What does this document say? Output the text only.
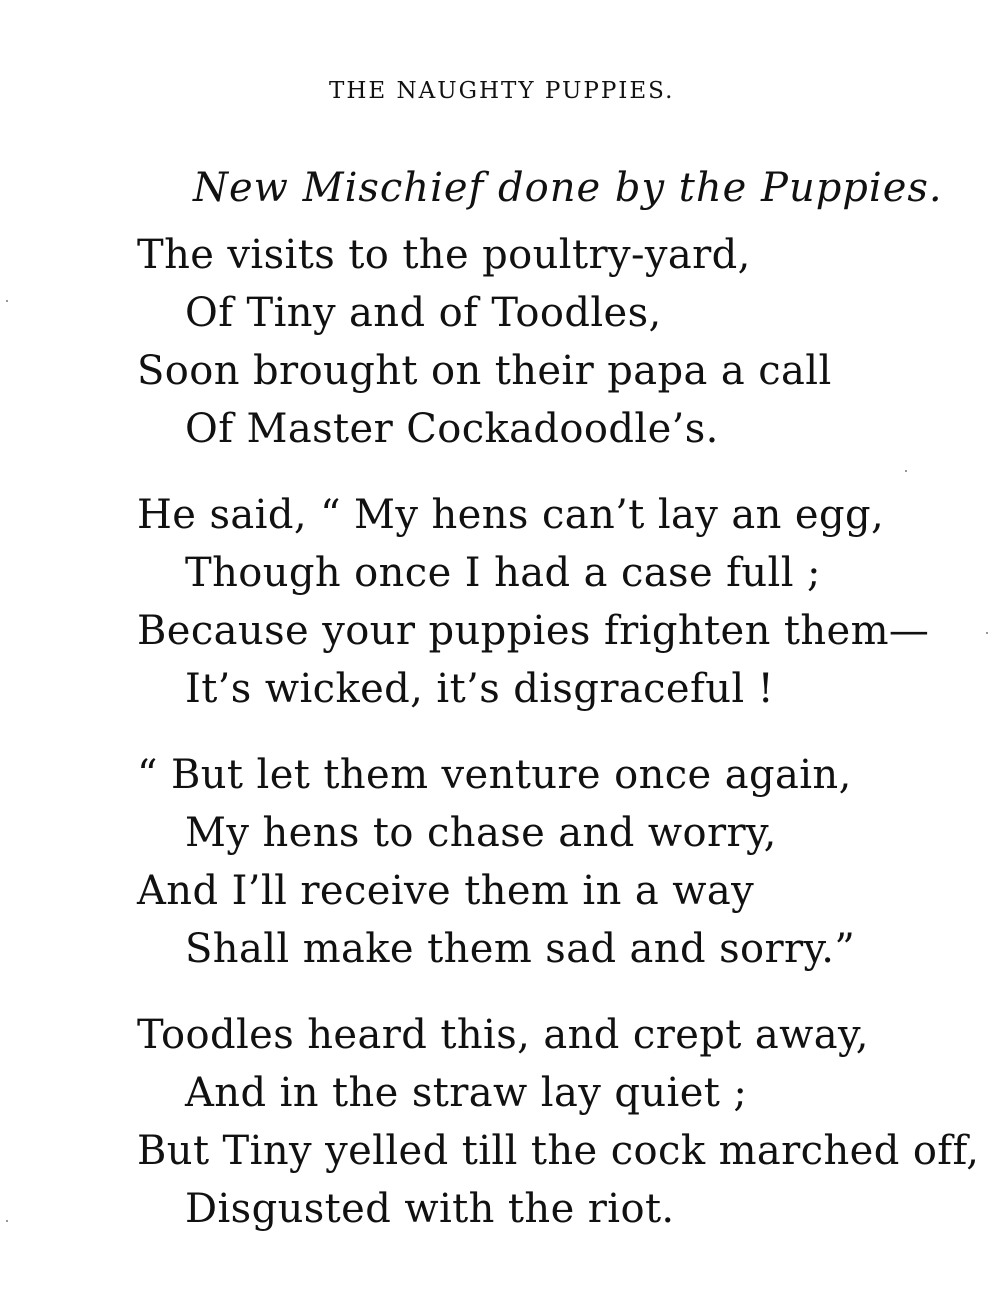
THE NAUGHTY PUPPIES.
New Mischief done by the Puppies.
The visits to the poultry-yard,
Of Tiny and of Toodles,
Soon brought on their papa a call
Of Master Cockadoodle’s.
He said, “ My hens can’t lay an egg,
Though once I had a case full ;
Because your puppies frighten them—
It’s wicked, it’s disgraceful !
“ But let them venture once again,
My hens to chase and worry,
And I’ll receive them in a way
Shall make them sad and sorry.”
Toodles heard this, and crept away,
And in the straw lay quiet ;
But Tiny yelled till the cock marched off,
Disgusted with the riot.
